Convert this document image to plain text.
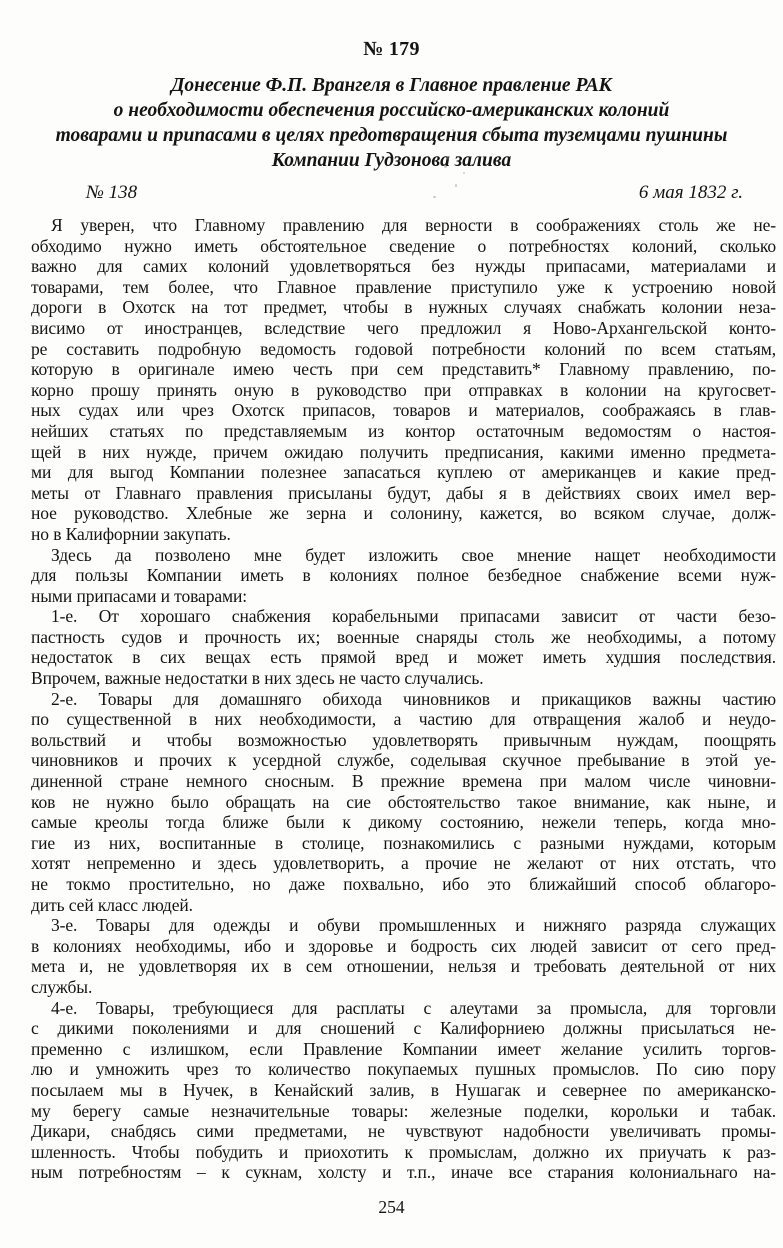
№ 179
Донесение Ф.П. Врангеля в Главное правление РАК
о необходимости обеспечения российско-американских колоний
товарами и припасами в целях предотвращения сбыта туземцами пушнины
Компании Гудзонова залива
№ 138	6 мая 1832 г.
Я уверен, что Главному правлению для верности в соображениях столь же не-
обходимо нужно иметь обстоятельное сведение о потребностях колоний, сколько
важно для самих колоний удовлетворяться без нужды припасами, материалами и
товарами, тем более, что Главное правление приступило уже к устроению новой
дороги в Охотск на тот предмет, чтобы в нужных случаях снабжать колонии неза-
висимо от иностранцев, вследствие чего предложил я Ново-Архангельской конто-
ре составить подробную ведомость годовой потребности колоний по всем статьям,
которую в оригинале имею честь при сем представить* Главному правлению, по-
корно прошу принять оную в руководство при отправках в колонии на кругосвет-
ных судах или чрез Охотск припасов, товаров и материалов, соображаясь в глав-
нейших статьях по представляемым из контор остаточным ведомостям о настоя-
щей в них нужде, причем ожидаю получить предписания, какими именно предмета-
ми для выгод Компании полезнее запасаться куплею от американцев и какие пред-
меты от Главнаго правления присыланы будут, дабы я в действиях своих имел вер-
ное руководство. Хлебные же зерна и солонину, кажется, во всяком случае, долж-
но в Калифорнии закупать.
Здесь да позволено мне будет изложить свое мнение нащет необходимости
для пользы Компании иметь в колониях полное безбедное снабжение всеми нуж-
ными припасами и товарами:
1-е. От хорошаго снабжения корабельными припасами зависит от части безо-
пастность судов и прочность их; военные снаряды столь же необходимы, а потому
недостаток в сих вещах есть прямой вред и может иметь худшия последствия.
Впрочем, важные недостатки в них здесь не часто случались.
2-е. Товары для домашняго обихода чиновников и прикащиков важны частию
по существенной в них необходимости, а частию для отвращения жалоб и неудо-
вольствий и чтобы возможностью удовлетворять привычным нуждам, поощрять
чиновников и прочих к усердной службе, соделывая скучное пребывание в этой уе-
диненной стране немного сносным. В прежние времена при малом числе чиновни-
ков не нужно было обращать на сие обстоятельство такое внимание, как ныне, и
самые креолы тогда ближе были к дикому состоянию, нежели теперь, когда мно-
гие из них, воспитанные в столице, познакомились с разными нуждами, которым
хотят непременно и здесь удовлетворить, а прочие не желают от них отстать, что
не токмо простительно, но даже похвально, ибо это ближайший способ облагоро-
дить сей класс людей.
3-е. Товары для одежды и обуви промышленных и нижняго разряда служащих
в колониях необходимы, ибо и здоровье и бодрость сих людей зависит от сего пред-
мета и, не удовлетворяя их в сем отношении, нельзя и требовать деятельной от них
службы.
4-е. Товары, требующиеся для расплаты с алеутами за промысла, для торговли
с дикими поколениями и для сношений с Калифорниею должны присылаться не-
пременно с излишком, если Правление Компании имеет желание усилить торгов-
лю и умножить чрез то количество покупаемых пушных промыслов. По сию пору
посылаем мы в Нучек, в Кенайский залив, в Нушагак и севернее по американско-
му берегу самые незначительные товары: железные поделки, корольки и табак.
Дикари, снабдясь сими предметами, не чувствуют надобности увеличивать промы-
шленность. Чтобы побудить и приохотить к промыслам, должно их приучать к раз-
ным потребностям – к сукнам, холсту и т.п., иначе все старания колониальнаго на-
254
